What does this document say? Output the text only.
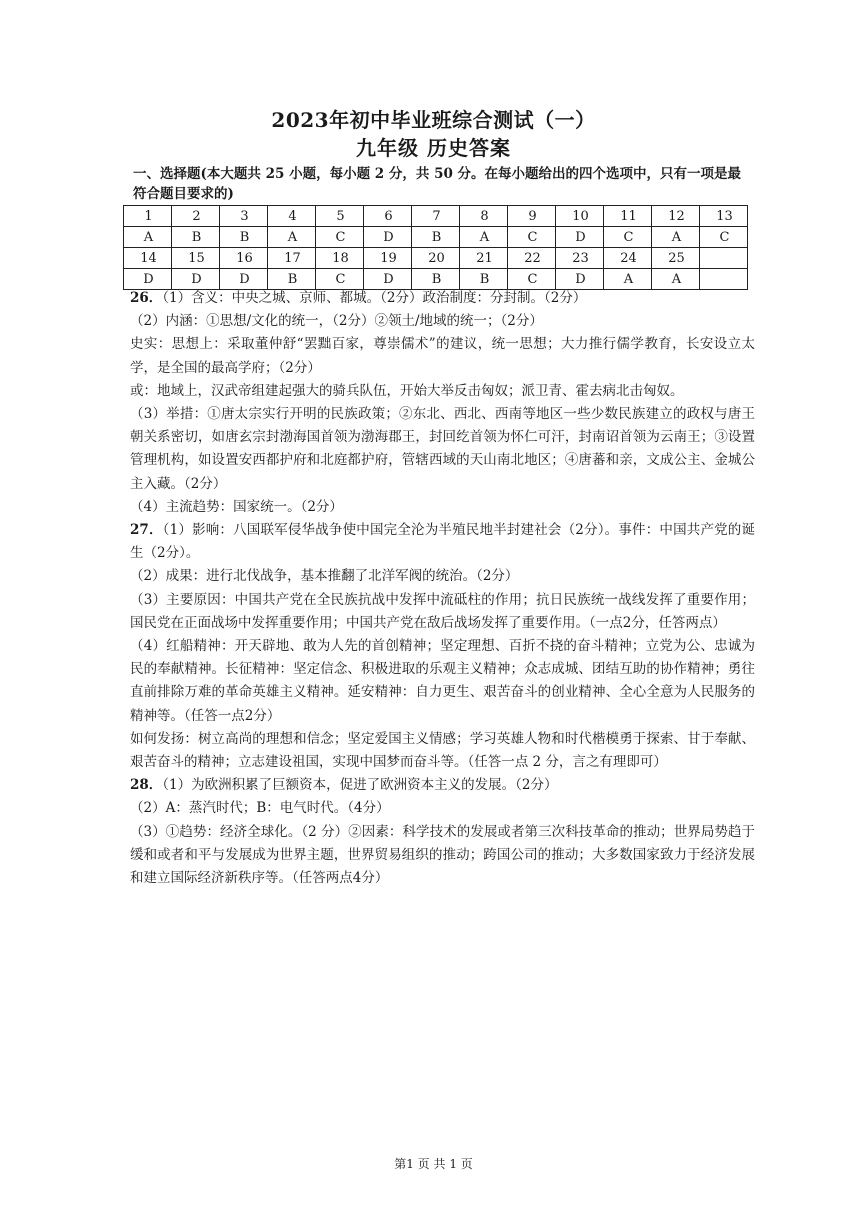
2023年初中毕业班综合测试（一）
九年级 历史答案
一、选择题(本大题共 25 小题，每小题 2 分，共 50 分。在每小题给出的四个选项中，只有一项是最符合题目要求的)
1	2	3	4	5	6	7	8	9	10	11	12	13
A	B	B	A	C	D	B	A	C	D	C	A	C
14	15	16	17	18	19	20	21	22	23	24	25	
D	D	D	B	C	D	B	B	C	D	A	A	

26．（1）含义：中央之城、京师、都城。（2分）政治制度：分封制。（2分）

（2）内涵：①思想/文化的统一，（2分）②领土/地域的统一；（2分）

史实：思想上：采取董仲舒“罢黜百家，尊崇儒术”的建议，统一思想；大力推行儒学教育，长安设立太学，是全国的最高学府；（2分）

或：地域上，汉武帝组建起强大的骑兵队伍，开始大举反击匈奴；派卫青、霍去病北击匈奴。

（3）举措：①唐太宗实行开明的民族政策；②东北、西北、西南等地区一些少数民族建立的政权与唐王朝关系密切，如唐玄宗封渤海国首领为渤海郡王，封回纥首领为怀仁可汗，封南诏首领为云南王；③设置管理机构，如设置安西都护府和北庭都护府，管辖西域的天山南北地区；④唐蕃和亲，文成公主、金城公主入藏。（2分）

（4）主流趋势：国家统一。（2分）

27．（1）影响：八国联军侵华战争使中国完全沦为半殖民地半封建社会（2分）。事件：中国共产党的诞生（2分）。

（2）成果：进行北伐战争，基本推翻了北洋军阀的统治。（2分）

（3）主要原因：中国共产党在全民族抗战中发挥中流砥柱的作用；抗日民族统一战线发挥了重要作用；国民党在正面战场中发挥重要作用；中国共产党在敌后战场发挥了重要作用。（一点2分，任答两点）

（4）红船精神：开天辟地、敢为人先的首创精神；坚定理想、百折不挠的奋斗精神；立党为公、忠诚为民的奉献精神。长征精神：坚定信念、积极进取的乐观主义精神；众志成城、团结互助的协作精神；勇往直前排除万难的革命英雄主义精神。延安精神：自力更生、艰苦奋斗的创业精神、全心全意为人民服务的精神等。（任答一点2分）

如何发扬：树立高尚的理想和信念；坚定爱国主义情感；学习英雄人物和时代楷模勇于探索、甘于奉献、艰苦奋斗的精神；立志建设祖国，实现中国梦而奋斗等。（任答一点 2 分，言之有理即可）

28．（1）为欧洲积累了巨额资本，促进了欧洲资本主义的发展。（2分）

（2）A：蒸汽时代；B：电气时代。（4分）

（3）①趋势：经济全球化。（2 分）②因素：科学技术的发展或者第三次科技革命的推动；世界局势趋于缓和或者和平与发展成为世界主题，世界贸易组织的推动；跨国公司的推动；大多数国家致力于经济发展和建立国际经济新秩序等。（任答两点4分）

第1 页 共 1 页
